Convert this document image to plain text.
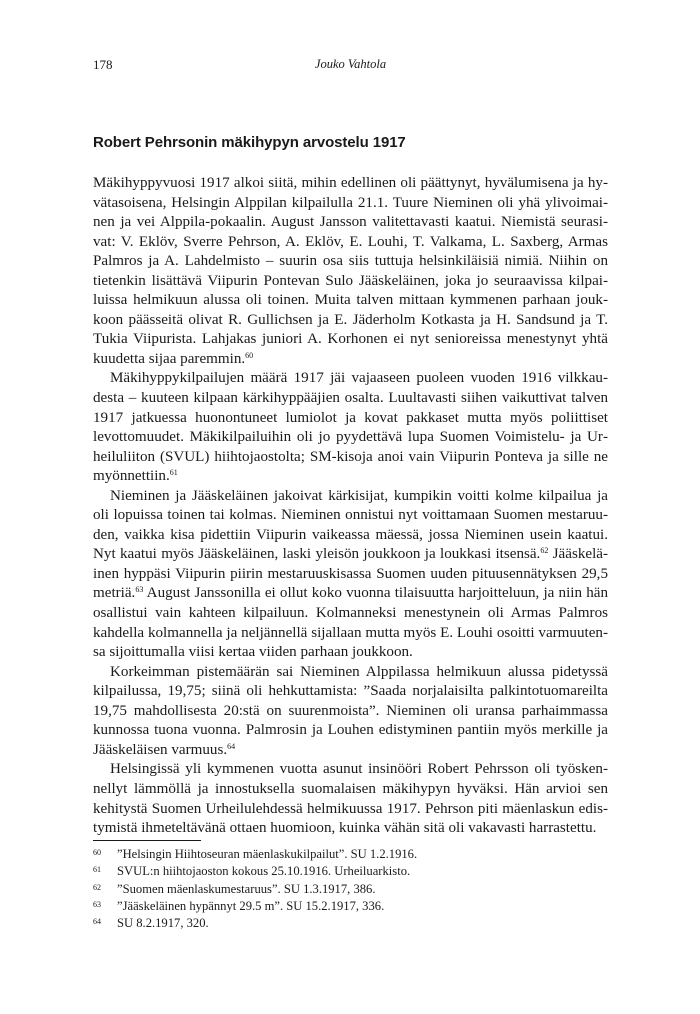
178	Jouko Vahtola
Robert Pehrsonin mäkihypyn arvostelu 1917

Mäkihyppyvuosi 1917 alkoi siitä, mihin edellinen oli päättynyt, hyvälumisena ja hyvätasoisena, Helsingin Alppilan kilpailulla 21.1. Tuure Nieminen oli yhä ylivoimainen ja vei Alppila-pokaalin. August Jansson valitettavasti kaatui. Niemistä seurasivat: V. Eklöv, Sverre Pehrson, A. Eklöv, E. Louhi, T. Valkama, L. Saxberg, Armas Palmros ja A. Lahdelmisto – suurin osa siis tuttuja helsinkiläisiä nimiä. Niihin on tietenkin lisättävä Viipurin Pontevan Sulo Jääskeläinen, joka jo seuraavissa kilpailuissa helmikuun alussa oli toinen. Muita talven mittaan kymmenen parhaan joukkoon päässeitä olivat R. Gullichsen ja E. Jäderholm Kotkasta ja H. Sandsund ja T. Tukia Viipurista. Lahjakas juniori A. Korhonen ei nyt senioreissa menestynyt yhtä kuudetta sijaa paremmin.$^{60}$

Mäkihyppykilpailujen määrä 1917 jäi vajaaseen puoleen vuoden 1916 vilkkaudesta – kuuteen kilpaan kärkihyppääjien osalta. Luultavasti siihen vaikuttivat talven 1917 jatkuessa huonontuneet lumiolot ja kovat pakkaset mutta myös poliittiset levottomuudet. Mäkikilpailuihin oli jo pyydettävä lupa Suomen Voimistelu- ja Urheiluliiton (SVUL) hiihtojaostolta; SM-kisoja anoi vain Viipurin Ponteva ja sille ne myönnettiin.$^{61}$

Nieminen ja Jääskeläinen jakoivat kärkisijat, kumpikin voitti kolme kilpailua ja oli lopuissa toinen tai kolmas. Nieminen onnistui nyt voittamaan Suomen mestaruuden, vaikka kisa pidettiin Viipurin vaikeassa mäessä, jossa Nieminen usein kaatui. Nyt kaatui myös Jääskeläinen, laski yleisön joukkoon ja loukkasi itsensä.$^{62}$ Jääskeläinen hyppäsi Viipurin piirin mestaruuskisassa Suomen uuden pituusennätyksen 29,5 metriä.$^{63}$ August Janssonilla ei ollut koko vuonna tilaisuutta harjoitteluun, ja niin hän osallistui vain kahteen kilpailuun. Kolmanneksi menestynein oli Armas Palmros kahdella kolmannella ja neljännellä sijallaan mutta myös E. Louhi osoitti varmuutensa sijoittumalla viisi kertaa viiden parhaan joukkoon.

Korkeimman pistemäärän sai Nieminen Alppilassa helmikuun alussa pidetyssä kilpailussa, 19,75; siinä oli hehkuttamista: ”Saada norjalaisilta palkintotuomareilta 19,75 mahdollisesta 20:stä on suurenmoista”. Nieminen oli uransa parhaimmassa kunnossa tuona vuonna. Palmrosin ja Louhen edistyminen pantiin myös merkille ja Jääskeläisen varmuus.$^{64}$

Helsingissä yli kymmenen vuotta asunut insinööri Robert Pehrsson oli työskennellyt lämmöllä ja innostuksella suomalaisen mäkihypyn hyväksi. Hän arvioi sen kehitystä Suomen Urheilulehdessä helmikuussa 1917. Pehrson piti mäenlaskun edistymistä ihmeteltävänä ottaen huomioon, kuinka vähän sitä oli vakavasti harrastettu.

60 ”Helsingin Hiihtoseuran mäenlaskukilpailut”. SU 1.2.1916.
61 SVUL:n hiihtojaoston kokous 25.10.1916. Urheiluarkisto.
62 ”Suomen mäenlaskumestaruus”. SU 1.3.1917, 386.
63 ”Jääskeläinen hypännyt 29.5 m”. SU 15.2.1917, 336.
64 SU 8.2.1917, 320.
